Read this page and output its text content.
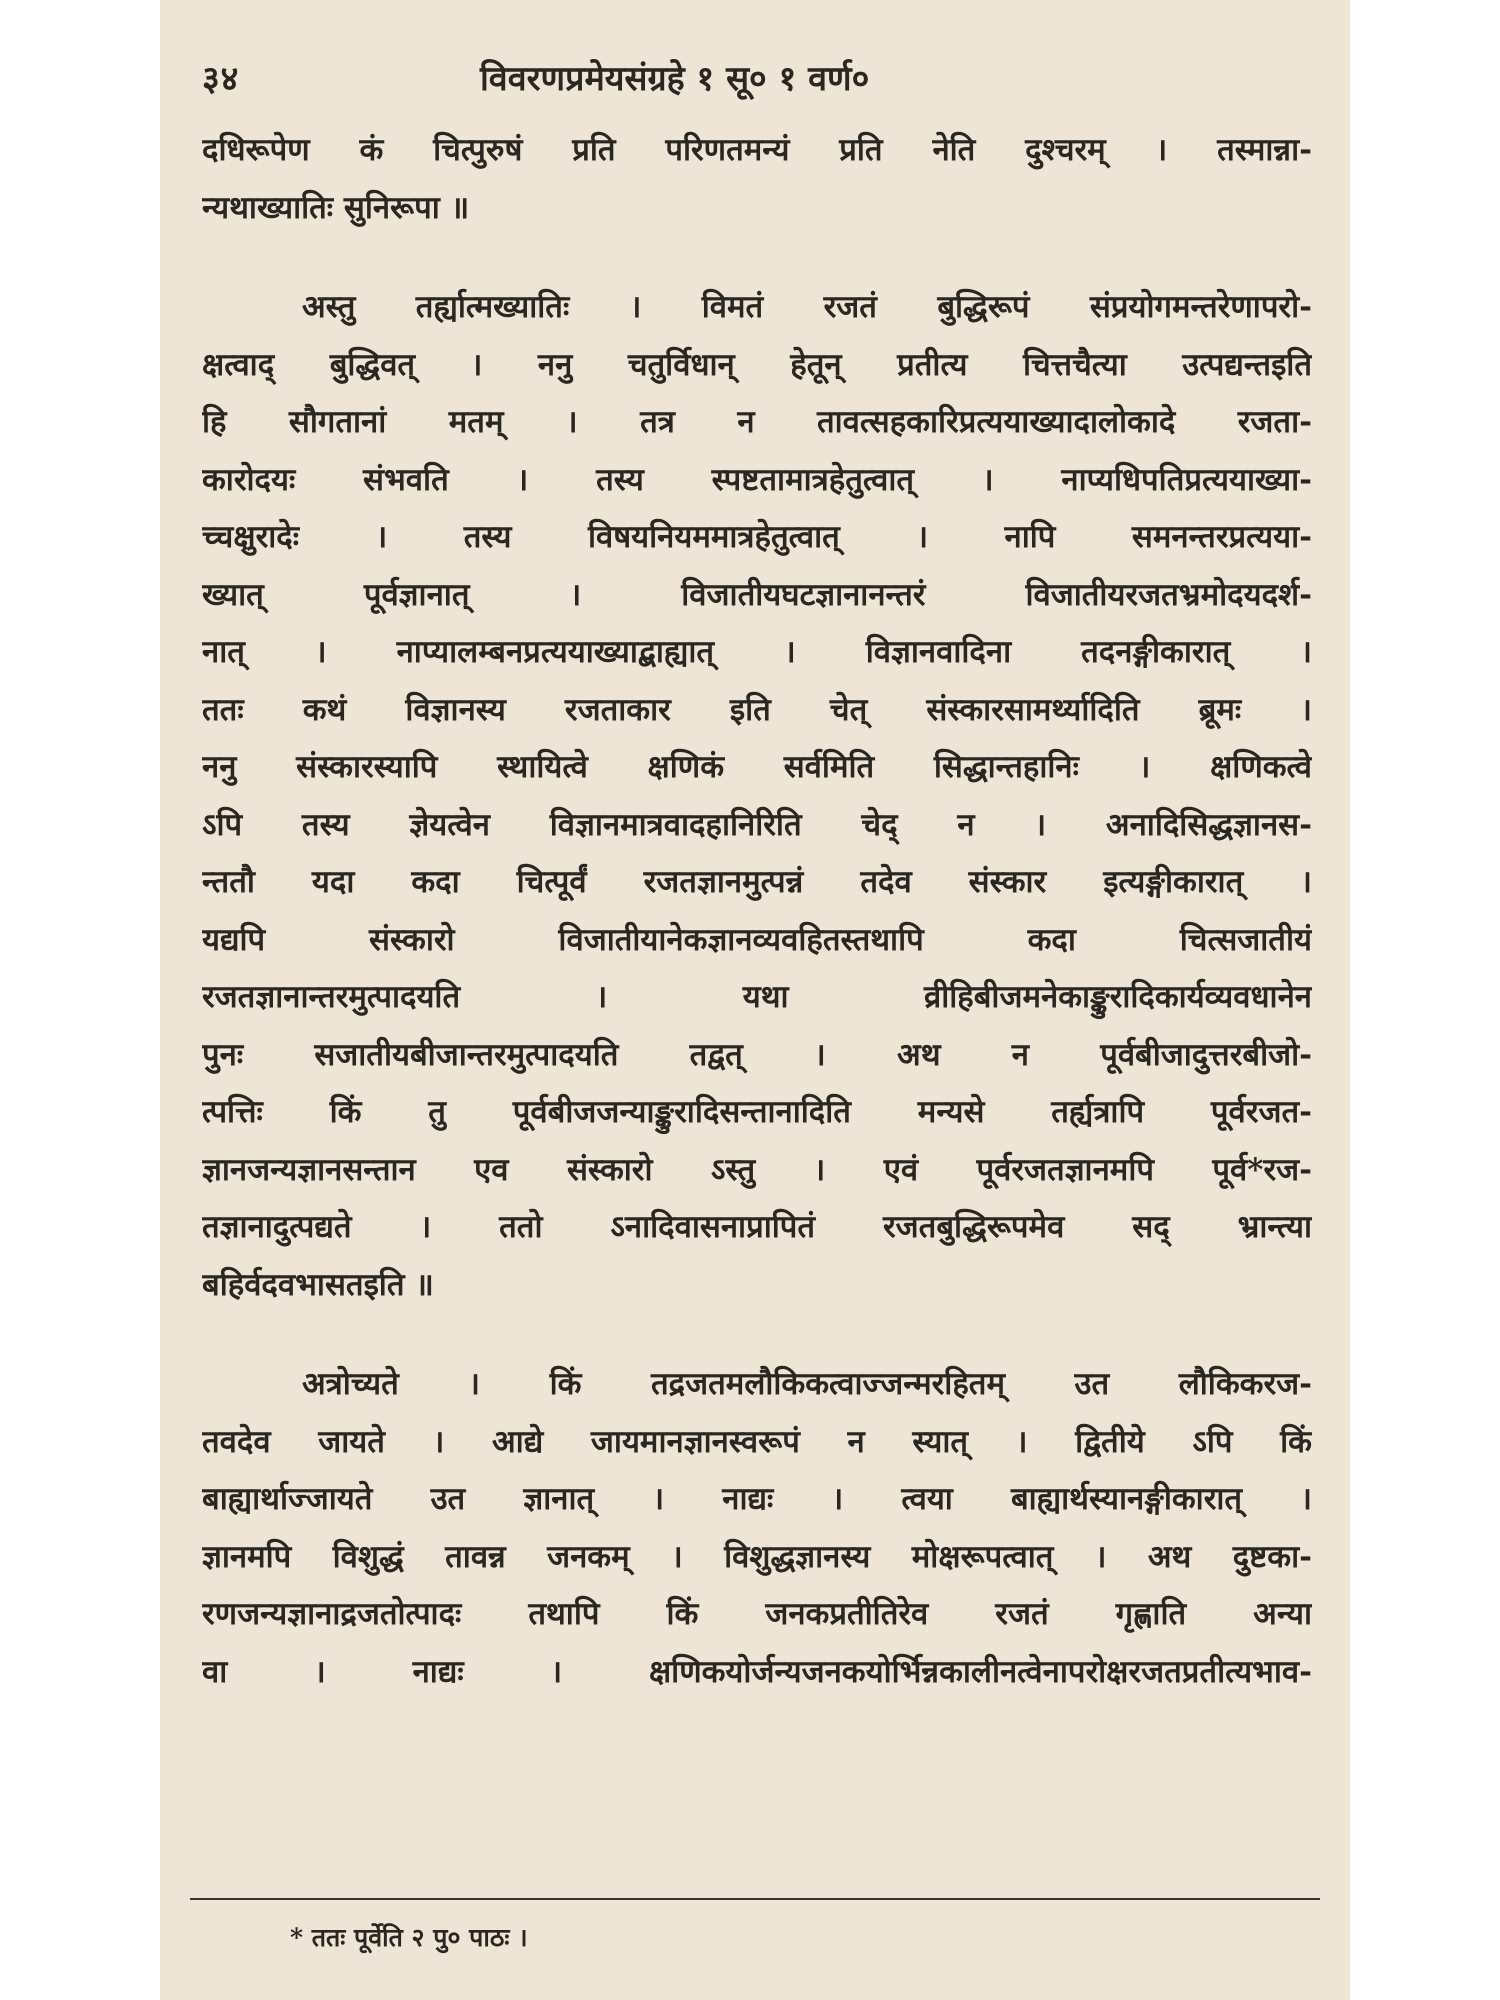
३४	विवरणप्रमेयसंग्रहे १ सू० १ वर्ण०
दधिरूपेण कं चित्पुरुषं प्रति परिणतमन्यं प्रति नेति दुश्चरम् । तस्मान्ना-
न्यथाख्यातिः सुनिरूपा ॥
अस्तु तर्ह्यात्मख्यातिः । विमतं रजतं बुद्धिरूपं संप्रयोगमन्तरेणापरो-
क्षत्वाद् बुद्धिवत् । ननु चतुर्विधान् हेतून् प्रतीत्य चित्तचैत्या उत्पद्यन्तइति
हि सौगतानां मतम् । तत्र न तावत्सहकारिप्रत्ययाख्यादालोकादे रजता-
कारोदयः संभवति । तस्य स्पष्टतामात्रहेतुत्वात् । नाप्यधिपतिप्रत्ययाख्या-
च्चक्षुरादेः । तस्य विषयनियममात्रहेतुत्वात् । नापि समनन्तरप्रत्यया-
ख्यात् पूर्वज्ञानात् । विजातीयघटज्ञानानन्तरं विजातीयरजतभ्रमोदयदर्श-
नात् । नाप्यालम्बनप्रत्ययाख्याद्बाह्यात् । विज्ञानवादिना तदनङ्गीकारात् ।
ततः कथं विज्ञानस्य रजताकार इति चेत् संस्कारसामर्थ्यादिति ब्रूमः ।
ननु संस्कारस्यापि स्थायित्वे क्षणिकं सर्वमिति सिद्धान्तहानिः । क्षणिकत्वे
ऽपि तस्य ज्ञेयत्वेन विज्ञानमात्रवादहानिरिति चेद् न । अनादिसिद्धज्ञानस-
न्ततौ यदा कदा चित्पूर्वं रजतज्ञानमुत्पन्नं तदेव संस्कार इत्यङ्गीकारात् ।
यद्यपि संस्कारो विजातीयानेकज्ञानव्यवहितस्तथापि कदा चित्सजातीयं
रजतज्ञानान्तरमुत्पादयति । यथा व्रीहिबीजमनेकाङ्कुरादिकार्यव्यवधानेन
पुनः सजातीयबीजान्तरमुत्पादयति तद्वत् । अथ न पूर्वबीजादुत्तरबीजो-
त्पत्तिः किं तु पूर्वबीजजन्याङ्कुरादिसन्तानादिति मन्यसे तर्ह्यत्रापि पूर्वरजत-
ज्ञानजन्यज्ञानसन्तान एव संस्कारो ऽस्तु । एवं पूर्वरजतज्ञानमपि पूर्व*रज-
तज्ञानादुत्पद्यते । ततो ऽनादिवासनाप्रापितं रजतबुद्धिरूपमेव सद् भ्रान्त्या
बहिर्वदवभासतइति ॥
अत्रोच्यते । किं तद्रजतमलौकिकत्वाज्जन्मरहितम् उत लौकिकरज-
तवदेव जायते । आद्ये जायमानज्ञानस्वरूपं न स्यात् । द्वितीये ऽपि किं
बाह्यार्थाज्जायते उत ज्ञानात् । नाद्यः । त्वया बाह्यार्थस्यानङ्गीकारात् ।
ज्ञानमपि विशुद्धं तावन्न जनकम् । विशुद्धज्ञानस्य मोक्षरूपत्वात् । अथ दुष्टका-
रणजन्यज्ञानाद्रजतोत्पादः तथापि किं जनकप्रतीतिरेव रजतं गृह्णाति अन्या
वा । नाद्यः । क्षणिकयोर्जन्यजनकयोर्भिन्नकालीनत्वेनापरोक्षरजतप्रतीत्यभाव-
* ततः पूर्वेति २ पु० पाठः ।
